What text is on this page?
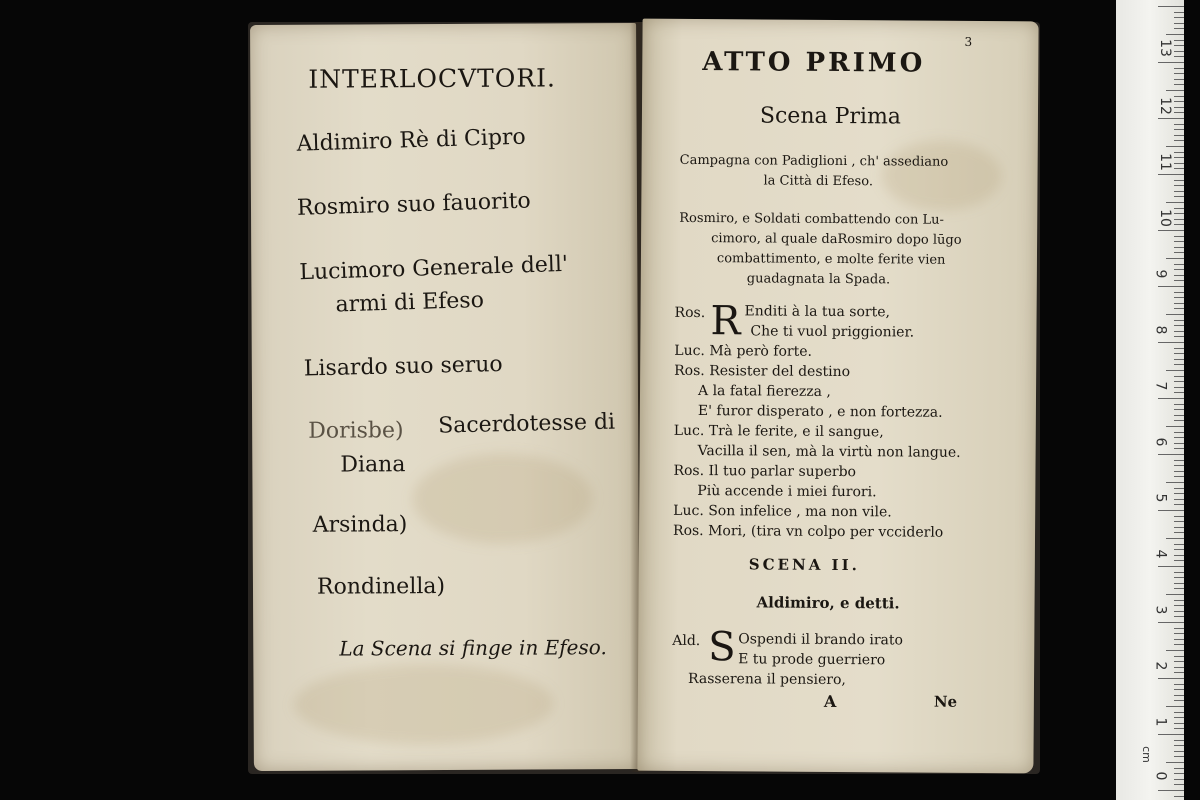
INTERLOCVTORI.
Aldimiro Rè di Cipro
Rosmiro suo fauorito
Lucimoro Generale dell'
armi di Efeso
Lisardo suo seruo
Dorisbe) Sacerdotesse di
Diana
Arsinda)
Rondinella)
La Scena si finge in Efeso.
3
ATTO PRIMO
Scena Prima
Campagna con Padiglioni , ch' assediano
la Città di Efeso.
Rosmiro, e Soldati combattendo con Lu-
cimoro, al quale daRosmiro dopo lūgo
combattimento, e molte ferite vien
guadagnata la Spada.
Ros. R Enditi à la tua sorte,
Che ti vuol priggionier.
Luc. Mà però forte.
Ros. Resister del destino
A la fatal fierezza ,
E' furor disperato , e non fortezza.
Luc. Trà le ferite, e il sangue,
Vacilla il sen, mà la virtù non langue.
Ros. Il tuo parlar superbo
Più accende i miei furori.
Luc. Son infelice , ma non vile.
Ros. Mori, (tira vn colpo per vcciderlo
SCENA II.
Aldimiro, e detti.
Ald. S Ospendi il brando irato
E tu prode guerriero
Rasserena il pensiero,
A	Ne
13
12
11
10
9
8
7
6
5
4
3
2
1
0
cm
